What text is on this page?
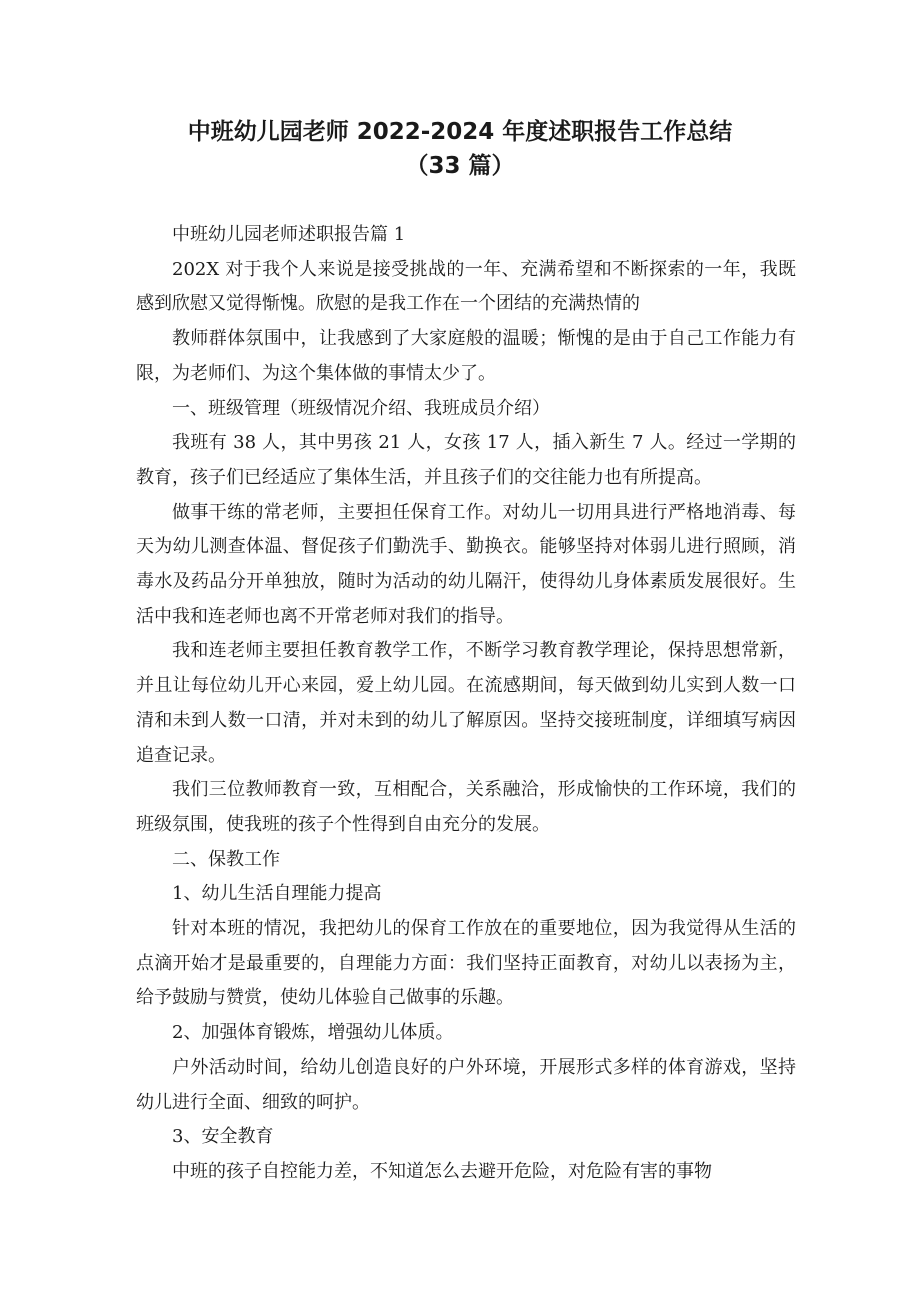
中班幼儿园老师 2022-2024 年度述职报告工作总结
（33 篇）

中班幼儿园老师述职报告篇 1

202X 对于我个人来说是接受挑战的一年、充满希望和不断探索的一年，我既感到欣慰又觉得惭愧。欣慰的是我工作在一个团结的充满热情的

教师群体氛围中，让我感到了大家庭般的温暖；惭愧的是由于自己工作能力有限，为老师们、为这个集体做的事情太少了。

一、班级管理（班级情况介绍、我班成员介绍）

我班有 38 人，其中男孩 21 人，女孩 17 人，插入新生 7 人。经过一学期的教育，孩子们已经适应了集体生活，并且孩子们的交往能力也有所提高。

做事干练的常老师，主要担任保育工作。对幼儿一切用具进行严格地消毒、每天为幼儿测查体温、督促孩子们勤洗手、勤换衣。能够坚持对体弱儿进行照顾，消毒水及药品分开单独放，随时为活动的幼儿隔汗，使得幼儿身体素质发展很好。生活中我和连老师也离不开常老师对我们的指导。

我和连老师主要担任教育教学工作，不断学习教育教学理论，保持思想常新，并且让每位幼儿开心来园，爱上幼儿园。在流感期间，每天做到幼儿实到人数一口清和未到人数一口清，并对未到的幼儿了解原因。坚持交接班制度，详细填写病因追查记录。

我们三位教师教育一致，互相配合，关系融洽，形成愉快的工作环境，我们的班级氛围，使我班的孩子个性得到自由充分的发展。

二、保教工作

1、幼儿生活自理能力提高

针对本班的情况，我把幼儿的保育工作放在的重要地位，因为我觉得从生活的点滴开始才是最重要的，自理能力方面：我们坚持正面教育，对幼儿以表扬为主，给予鼓励与赞赏，使幼儿体验自己做事的乐趣。

2、加强体育锻炼，增强幼儿体质。

户外活动时间，给幼儿创造良好的户外环境，开展形式多样的体育游戏，坚持幼儿进行全面、细致的呵护。

3、安全教育

中班的孩子自控能力差，不知道怎么去避开危险，对危险有害的事物
